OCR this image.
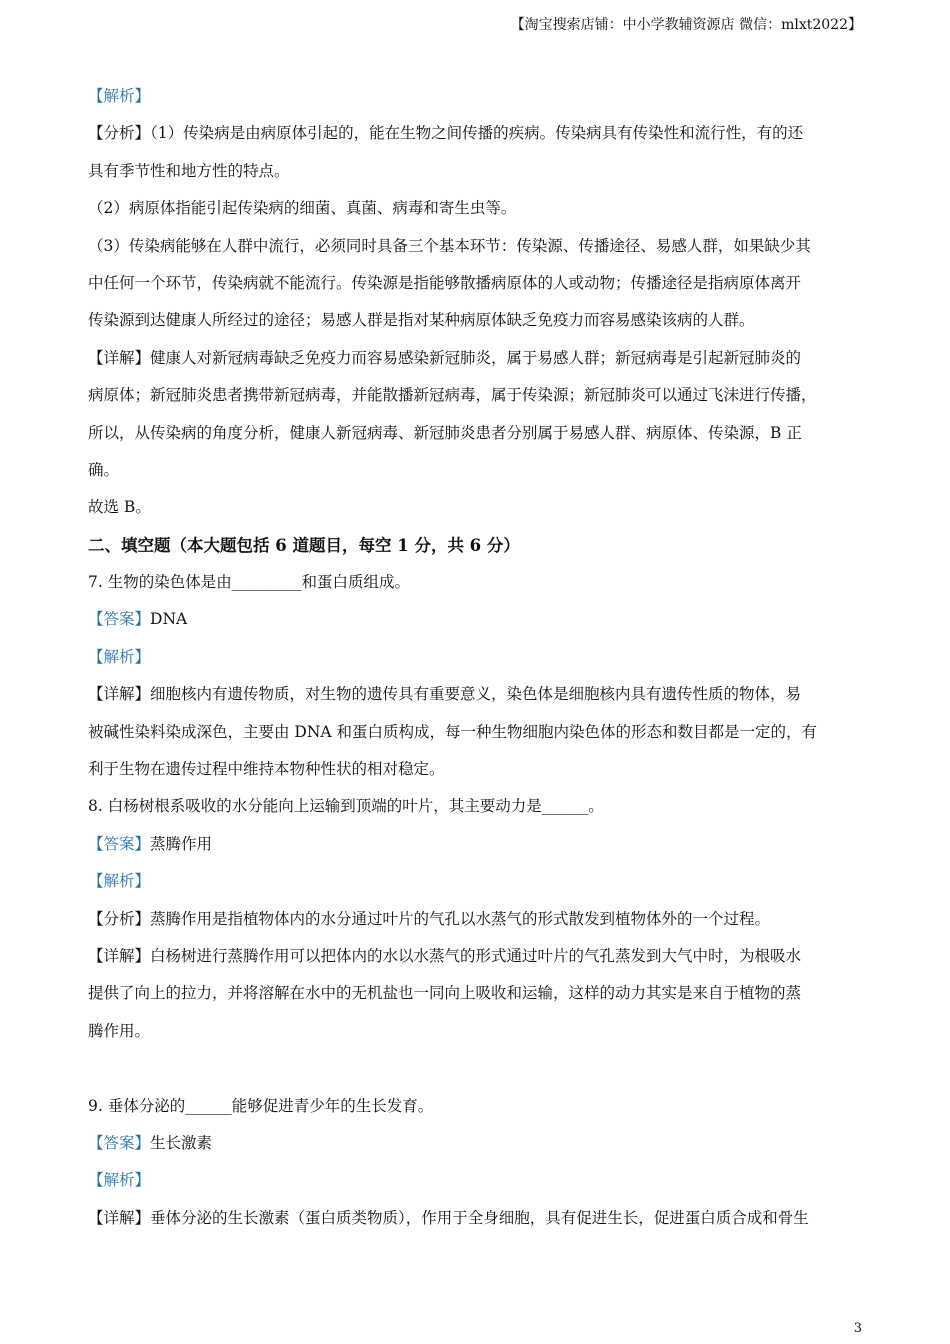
【淘宝搜索店铺：中小学教辅资源店 微信：mlxt2022】
【解析】
【分析】（1）传染病是由病原体引起的，能在生物之间传播的疾病。传染病具有传染性和流行性，有的还
具有季节性和地方性的特点。
（2）病原体指能引起传染病的细菌、真菌、病毒和寄生虫等。
（3）传染病能够在人群中流行，必须同时具备三个基本环节：传染源、传播途径、易感人群，如果缺少其
中任何一个环节，传染病就不能流行。传染源是指能够散播病原体的人或动物；传播途径是指病原体离开
传染源到达健康人所经过的途径；易感人群是指对某种病原体缺乏免疫力而容易感染该病的人群。
【详解】健康人对新冠病毒缺乏免疫力而容易感染新冠肺炎，属于易感人群；新冠病毒是引起新冠肺炎的
病原体；新冠肺炎患者携带新冠病毒，并能散播新冠病毒，属于传染源；新冠肺炎可以通过飞沫进行传播，
所以，从传染病的角度分析，健康人新冠病毒、新冠肺炎患者分别属于易感人群、病原体、传染源，B 正
确。
故选 B。
二、填空题（本大题包括 6 道题目，每空 1 分，共 6 分）
7. 生物的染色体是由_________和蛋白质组成。
【答案】DNA
【解析】
【详解】细胞核内有遗传物质，对生物的遗传具有重要意义，染色体是细胞核内具有遗传性质的物体，易
被碱性染料染成深色，主要由 DNA 和蛋白质构成，每一种生物细胞内染色体的形态和数目都是一定的，有
利于生物在遗传过程中维持本物种性状的相对稳定。
8. 白杨树根系吸收的水分能向上运输到顶端的叶片，其主要动力是______。
【答案】蒸腾作用
【解析】
【分析】蒸腾作用是指植物体内的水分通过叶片的气孔以水蒸气的形式散发到植物体外的一个过程。
【详解】白杨树进行蒸腾作用可以把体内的水以水蒸气的形式通过叶片的气孔蒸发到大气中时，为根吸水
提供了向上的拉力，并将溶解在水中的无机盐也一同向上吸收和运输，这样的动力其实是来自于植物的蒸
腾作用。
9. 垂体分泌的______能够促进青少年的生长发育。
【答案】生长激素
【解析】
【详解】垂体分泌的生长激素（蛋白质类物质），作用于全身细胞，具有促进生长，促进蛋白质合成和骨生
3
